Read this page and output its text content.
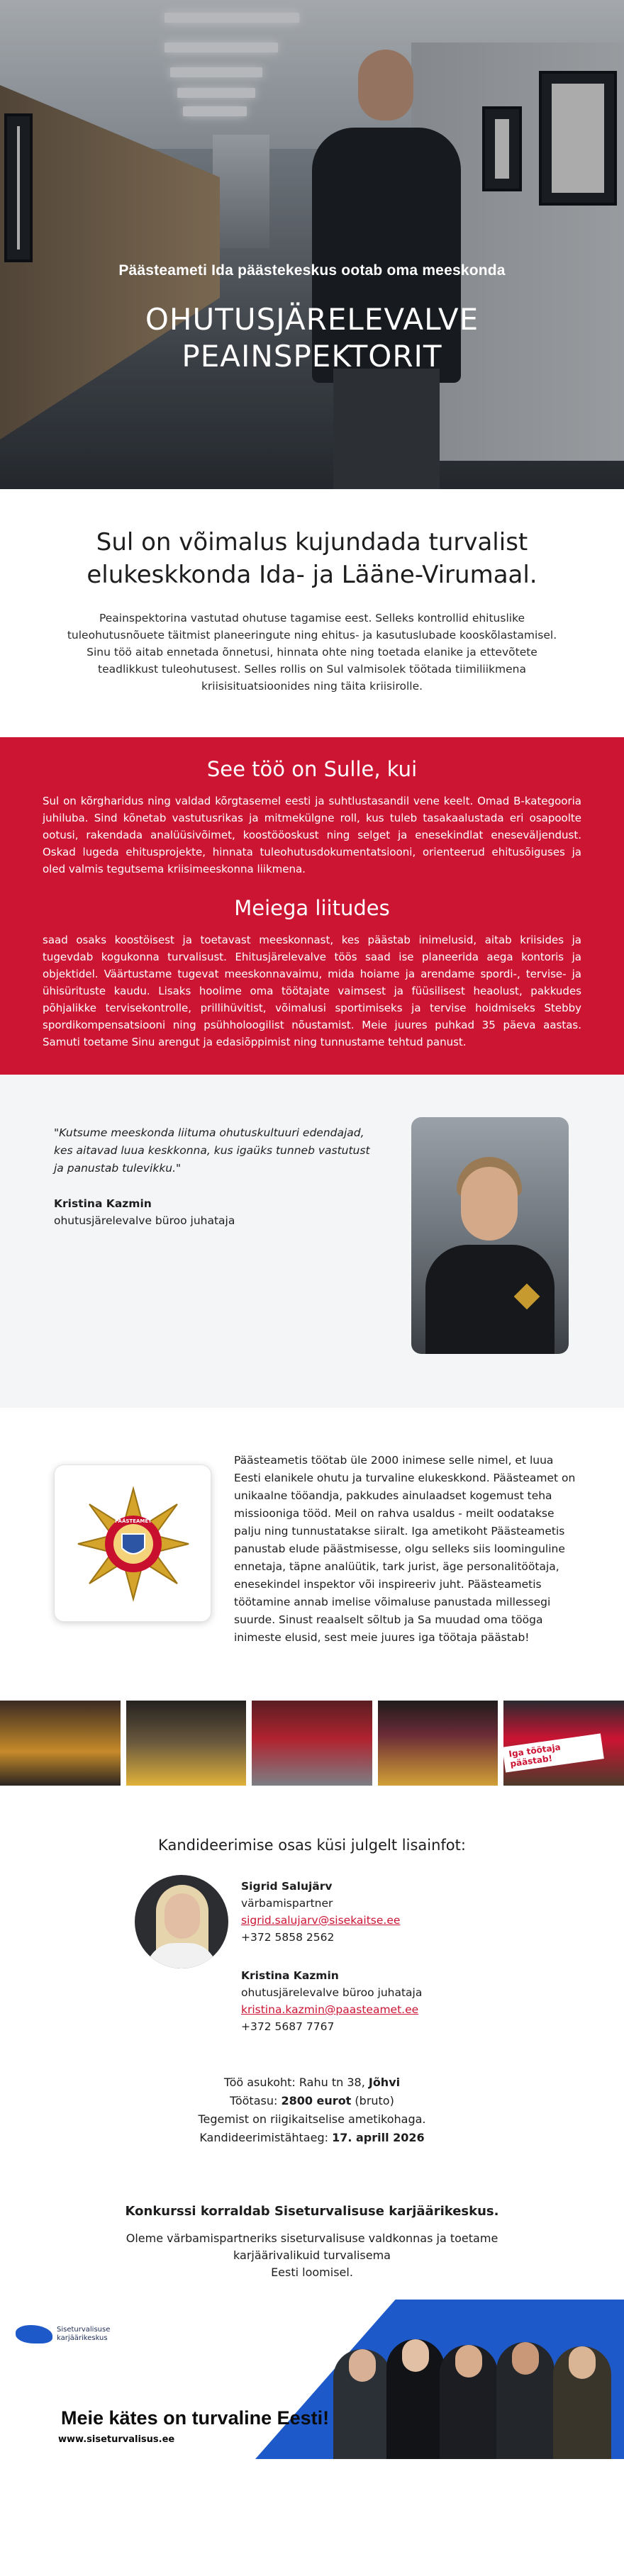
Päästeameti Ida päästekeskus ootab oma meeskonda
OHUTUSJÄRELEVALVE
PEAINSPEKTORIT
Sul on võimalus kujundada turvalist elukeskkonda Ida- ja Lääne-Virumaal.

Peainspektorina vastutad ohutuse tagamise eest. Selleks kontrollid ehituslike tuleohutusnõuete täitmist planeeringute ning ehitus- ja kasutuslubade kooskõlastamisel. Sinu töö aitab ennetada õnnetusi, hinnata ohte ning toetada elanike ja ettevõtete teadlikkust tuleohutusest. Selles rollis on Sul valmisolek töötada tiimiliikmena kriisisituatsioonides ning täita kriisirolle.

See töö on Sulle, kui

Sul on kõrgharidus ning valdad kõrgtasemel eesti ja suhtlustasandil vene keelt. Omad B-kategooria juhiluba. Sind kõnetab vastutusrikas ja mitmekülgne roll, kus tuleb tasakaalustada eri osapoolte ootusi, rakendada analüüsivõimet, koostööoskust ning selget ja enesekindlat eneseväljendust. Oskad lugeda ehitusprojekte, hinnata tuleohutusdokumentatsiooni, orienteerud ehitusõiguses ja oled valmis tegutsema kriisimeeskonna liikmena.

Meiega liitudes

saad osaks koostöisest ja toetavast meeskonnast, kes päästab inimelusid, aitab kriisides ja tugevdab kogukonna turvalisust. Ehitusjärelevalve töös saad ise planeerida aega kontoris ja objektidel. Väärtustame tugevat meeskonnavaimu, mida hoiame ja arendame spordi-, tervise- ja ühisürituste kaudu. Lisaks hoolime oma töötajate vaimsest ja füüsilisest heaolust, pakkudes põhjalikke tervisekontrolle, prillihüvitist, võimalusi sportimiseks ja tervise hoidmiseks Stebby spordikompensatsiooni ning psühholoogilist nõustamist. Meie juures puhkad 35 päeva aastas. Samuti toetame Sinu arengut ja edasiõppimist ning tunnustame tehtud panust.

"Kutsume meeskonda liituma ohutuskultuuri edendajad, kes aitavad luua keskkonna, kus igaüks tunneb vastutust ja panustab tulevikku."

Kristina Kazmin

ohutusjärelevalve büroo juhataja

PÄÄSTEAMET

Päästeametis töötab üle 2000 inimese selle nimel, et luua Eesti elanikele ohutu ja turvaline elukeskkond. Päästeamet on unikaalne tööandja, pakkudes ainulaadset kogemust teha missiooniga tööd. Meil on rahva usaldus - meilt oodatakse palju ning tunnustatakse siiralt. Iga ametikoht Päästeametis panustab elude päästmisesse, olgu selleks siis loominguline ennetaja, täpne analüütik, tark jurist, äge personalitöötaja, enesekindel inspektor või inspireeriv juht. Päästeametis töötamine annab imelise võimaluse panustada millessegi suurde. Sinust reaalselt sõltub ja Sa muudad oma tööga inimeste elusid, sest meie juures iga töötaja päästab!

Iga töötaja päästab!

Kandideerimise osas küsi julgelt lisainfot:

Sigrid Salujärv
värbamispartner
sigrid.salujarv@sisekaitse.ee
+372 5858 2562
Kristina Kazmin
ohutusjärelevalve büroo juhataja
kristina.kazmin@paasteamet.ee
+372 5687 7767
Töö asukoht: Rahu tn 38, Jõhvi
Töötasu: 2800 eurot (bruto)
Tegemist on riigikaitselise ametikohaga.
Kandideerimistähtaeg: 17. aprill 2026

Konkurssi korraldab Siseturvalisuse karjäärikeskus.

Oleme värbamispartneriks siseturvalisuse valdkonnas ja toetame karjäärivalikuid turvalisema
Eesti loomisel.

Siseturvalisuse
karjäärikeskus
Meie kätes on turvaline Eesti!
www.siseturvalisus.ee
